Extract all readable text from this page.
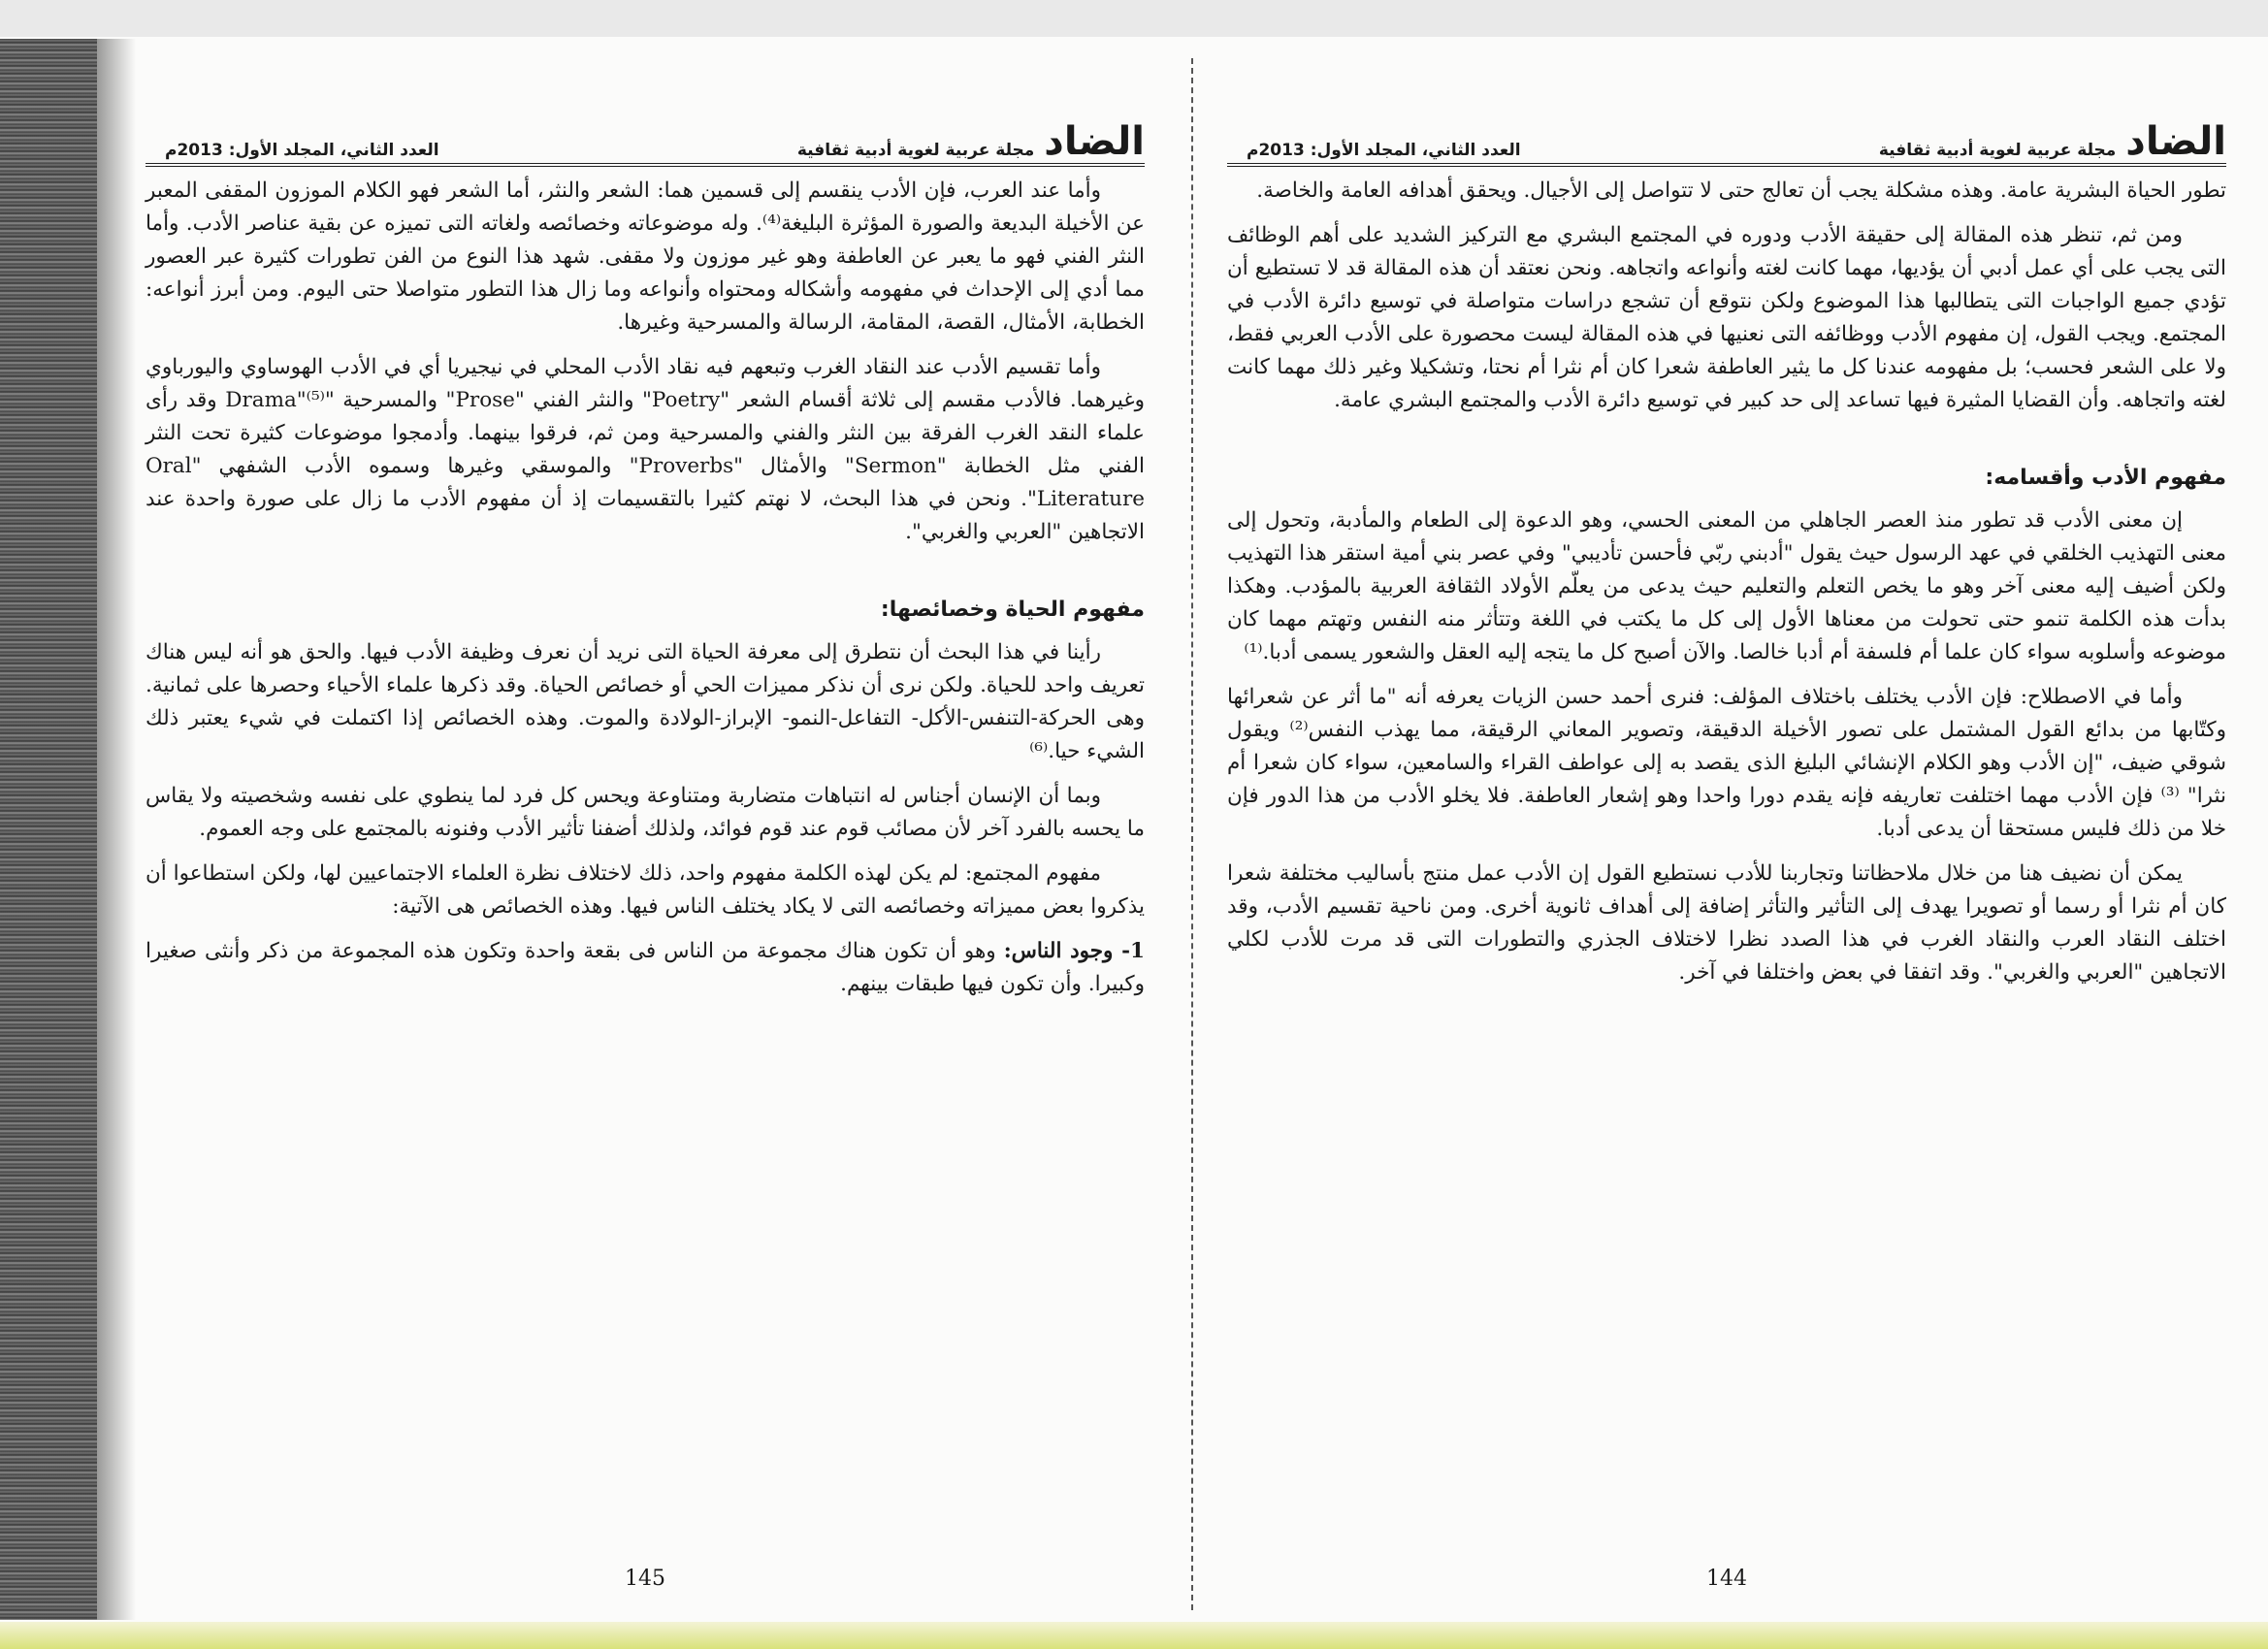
الضاد
مجلة عربية لغوية أدبية ثقافية
العدد الثاني، المجلد الأول: 2013م

تطور الحياة البشرية عامة. وهذه مشكلة يجب أن تعالج حتى لا تتواصل إلى الأجيال. ويحقق أهدافه العامة والخاصة.

ومن ثم، تنظر هذه المقالة إلى حقيقة الأدب ودوره في المجتمع البشري مع التركيز الشديد على أهم الوظائف التى يجب على أي عمل أدبي أن يؤديها، مهما كانت لغته وأنواعه واتجاهه. ونحن نعتقد أن هذه المقالة قد لا تستطيع أن تؤدي جميع الواجبات التى يتطالبها هذا الموضوع ولكن نتوقع أن تشجع دراسات متواصلة في توسيع دائرة الأدب في المجتمع. ويجب القول، إن مفهوم الأدب ووظائفه التى نعنيها في هذه المقالة ليست محصورة على الأدب العربي فقط، ولا على الشعر فحسب؛ بل مفهومه عندنا كل ما يثير العاطفة شعرا كان أم نثرا أم نحتا، وتشكيلا وغير ذلك مهما كانت لغته واتجاهه. وأن القضايا المثيرة فيها تساعد إلى حد كبير في توسيع دائرة الأدب والمجتمع البشري عامة.

مفهوم الأدب وأقسامه:

إن معنى الأدب قد تطور منذ العصر الجاهلي من المعنى الحسي، وهو الدعوة إلى الطعام والمأدبة، وتحول إلى معنى التهذيب الخلقي في عهد الرسول حيث يقول "أدبني ربّي فأحسن تأديبي" وفي عصر بني أمية استقر هذا التهذيب ولكن أضيف إليه معنى آخر وهو ما يخص التعلم والتعليم حيث يدعى من يعلّم الأولاد الثقافة العربية بالمؤدب. وهكذا بدأت هذه الكلمة تنمو حتى تحولت من معناها الأول إلى كل ما يكتب في اللغة وتتأثر منه النفس وتهتم مهما كان موضوعه وأسلوبه سواء كان علما أم فلسفة أم أدبا خالصا. والآن أصبح كل ما يتجه إليه العقل والشعور يسمى أدبا.⁽¹⁾

وأما في الاصطلاح: فإن الأدب يختلف باختلاف المؤلف: فنرى أحمد حسن الزيات يعرفه أنه "ما أثر عن شعرائها وكتّابها من بدائع القول المشتمل على تصور الأخيلة الدقيقة، وتصوير المعاني الرقيقة، مما يهذب النفس⁽²⁾ ويقول شوقي ضيف، "إن الأدب وهو الكلام الإنشائي البليغ الذى يقصد به إلى عواطف القراء والسامعين، سواء كان شعرا أم نثرا" ⁽³⁾ فإن الأدب مهما اختلفت تعاريفه فإنه يقدم دورا واحدا وهو إشعار العاطفة. فلا يخلو الأدب من هذا الدور فإن خلا من ذلك فليس مستحقا أن يدعى أدبا.

يمكن أن نضيف هنا من خلال ملاحظاتنا وتجاربنا للأدب نستطيع القول إن الأدب عمل منتج بأساليب مختلفة شعرا كان أم نثرا أو رسما أو تصويرا يهدف إلى التأثير والتأثر إضافة إلى أهداف ثانوية أخرى. ومن ناحية تقسيم الأدب، وقد اختلف النقاد العرب والنقاد الغرب في هذا الصدد نظرا لاختلاف الجذري والتطورات التى قد مرت للأدب لكلي الاتجاهين "العربي والغربي". وقد اتفقا في بعض واختلفا في آخر.

144
الضاد
مجلة عربية لغوية أدبية ثقافية
العدد الثاني، المجلد الأول: 2013م

وأما عند العرب، فإن الأدب ينقسم إلى قسمين هما: الشعر والنثر، أما الشعر فهو الكلام الموزون المقفى المعبر عن الأخيلة البديعة والصورة المؤثرة البليغة⁽⁴⁾. وله موضوعاته وخصائصه ولغاته التى تميزه عن بقية عناصر الأدب. وأما النثر الفني فهو ما يعبر عن العاطفة وهو غير موزون ولا مقفى. شهد هذا النوع من الفن تطورات كثيرة عبر العصور مما أدي إلى الإحداث في مفهومه وأشكاله ومحتواه وأنواعه وما زال هذا التطور متواصلا حتى اليوم. ومن أبرز أنواعه: الخطابة، الأمثال، القصة، المقامة، الرسالة والمسرحية وغيرها.

وأما تقسيم الأدب عند النقاد الغرب وتبعهم فيه نقاد الأدب المحلي في نيجيريا أي في الأدب الهوساوي واليورباوي وغيرهما. فالأدب مقسم إلى ثلاثة أقسام الشعر "Poetry" والنثر الفني "Prose" والمسرحية "Drama"⁽⁵⁾ وقد رأى علماء النقد الغرب الفرقة بين النثر والفني والمسرحية ومن ثم، فرقوا بينهما. وأدمجوا موضوعات كثيرة تحت النثر الفني مثل الخطابة "Sermon" والأمثال "Proverbs" والموسقي وغيرها وسموه الأدب الشفهي "Oral Literature". ونحن في هذا البحث، لا نهتم كثيرا بالتقسيمات إذ أن مفهوم الأدب ما زال على صورة واحدة عند الاتجاهين "العربي والغربي".

مفهوم الحياة وخصائصها:

رأينا في هذا البحث أن نتطرق إلى معرفة الحياة التى نريد أن نعرف وظيفة الأدب فيها. والحق هو أنه ليس هناك تعريف واحد للحياة. ولكن نرى أن نذكر مميزات الحي أو خصائص الحياة. وقد ذكرها علماء الأحياء وحصرها على ثمانية. وهى الحركة-التنفس-الأكل- التفاعل-النمو- الإبراز-الولادة والموت. وهذه الخصائص إذا اكتملت في شيء يعتبر ذلك الشيء حيا.⁽⁶⁾

وبما أن الإنسان أجناس له انتباهات متضاربة ومتناوعة ويحس كل فرد لما ينطوي على نفسه وشخصيته ولا يقاس ما يحسه بالفرد آخر لأن مصائب قوم عند قوم فوائد، ولذلك أضفنا تأثير الأدب وفنونه بالمجتمع على وجه العموم.

مفهوم المجتمع: لم يكن لهذه الكلمة مفهوم واحد، ذلك لاختلاف نظرة العلماء الاجتماعيين لها، ولكن استطاعوا أن يذكروا بعض مميزاته وخصائصه التى لا يكاد يختلف الناس فيها. وهذه الخصائص هى الآتية:

1- وجود الناس: وهو أن تكون هناك مجموعة من الناس فى بقعة واحدة وتكون هذه المجموعة من ذكر وأنثى صغيرا وكبيرا. وأن تكون فيها طبقات بينهم.

145
